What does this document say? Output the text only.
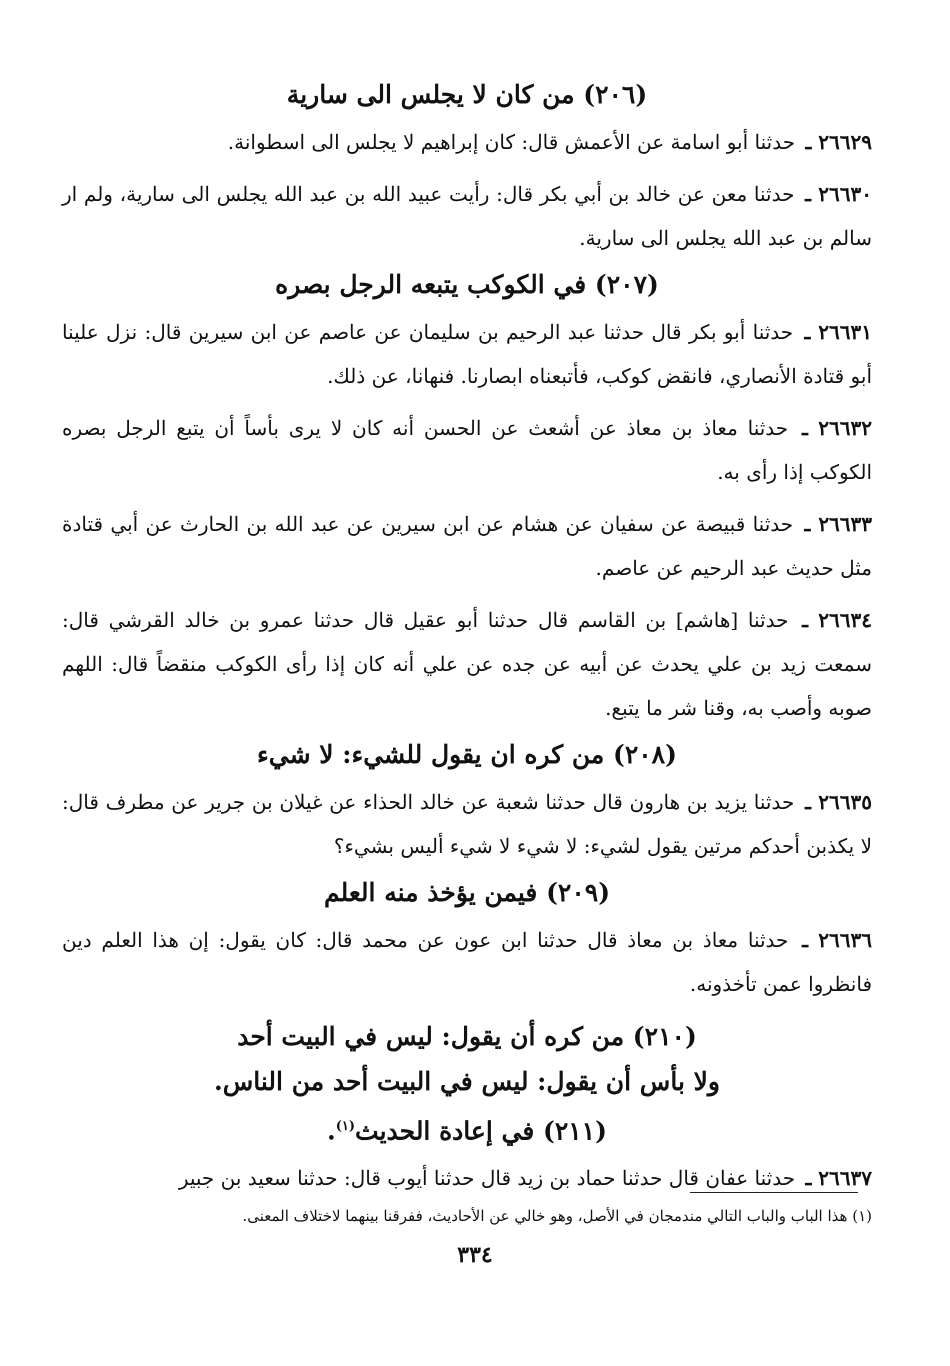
(٢٠٦) من كان لا يجلس الى سارية

٢٦٦٢٩ ـ حدثنا أبو اسامة عن الأعمش قال: كان إبراهيم لا يجلس الى اسطوانة.

٢٦٦٣٠ ـ حدثنا معن عن خالد بن أبي بكر قال: رأيت عبيد الله بن عبد الله يجلس الى سارية، ولم ار سالم بن عبد الله يجلس الى سارية.

(٢٠٧) في الكوكب يتبعه الرجل بصره

٢٦٦٣١ ـ حدثنا أبو بكر قال حدثنا عبد الرحيم بن سليمان عن عاصم عن ابن سيرين قال: نزل علينا أبو قتادة الأنصاري، فانقض كوكب، فأتبعناه ابصارنا. فنهانا، عن ذلك.

٢٦٦٣٢ ـ حدثنا معاذ بن معاذ عن أشعث عن الحسن أنه كان لا يرى بأساً أن يتبع الرجل بصره الكوكب إذا رأى به.

٢٦٦٣٣ ـ حدثنا قبيصة عن سفيان عن هشام عن ابن سيرين عن عبد الله بن الحارث عن أبي قتادة مثل حديث عبد الرحيم عن عاصم.

٢٦٦٣٤ ـ حدثنا [هاشم] بن القاسم قال حدثنا أبو عقيل قال حدثنا عمرو بن خالد القرشي قال: سمعت زيد بن علي يحدث عن أبيه عن جده عن علي أنه كان إذا رأى الكوكب منقضاً قال: اللهم صوبه وأصب به، وقنا شر ما يتبع.

(٢٠٨) من كره ان يقول للشيء: لا شيء

٢٦٦٣٥ ـ حدثنا يزيد بن هارون قال حدثنا شعبة عن خالد الحذاء عن غيلان بن جرير عن مطرف قال: لا يكذبن أحدكم مرتين يقول لشيء: لا شيء لا شيء أليس بشيء؟

(٢٠٩) فيمن يؤخذ منه العلم

٢٦٦٣٦ ـ حدثنا معاذ بن معاذ قال حدثنا ابن عون عن محمد قال: كان يقول: إن هذا العلم دين فانظروا عمن تأخذونه.

(٢١٠) من كره أن يقول: ليس في البيت أحد
ولا بأس أن يقول: ليس في البيت أحد من الناس.
(٢١١) في إعادة الحديث$^{(١)}$.

٢٦٦٣٧ ـ حدثنا عفان قال حدثنا حماد بن زيد قال حدثنا أيوب قال: حدثنا سعيد بن جبير

(١) هذا الباب والباب التالي مندمجان في الأصل، وهو خالي عن الأحاديث، ففرقنا بينهما لاختلاف المعنى.
٣٣٤
